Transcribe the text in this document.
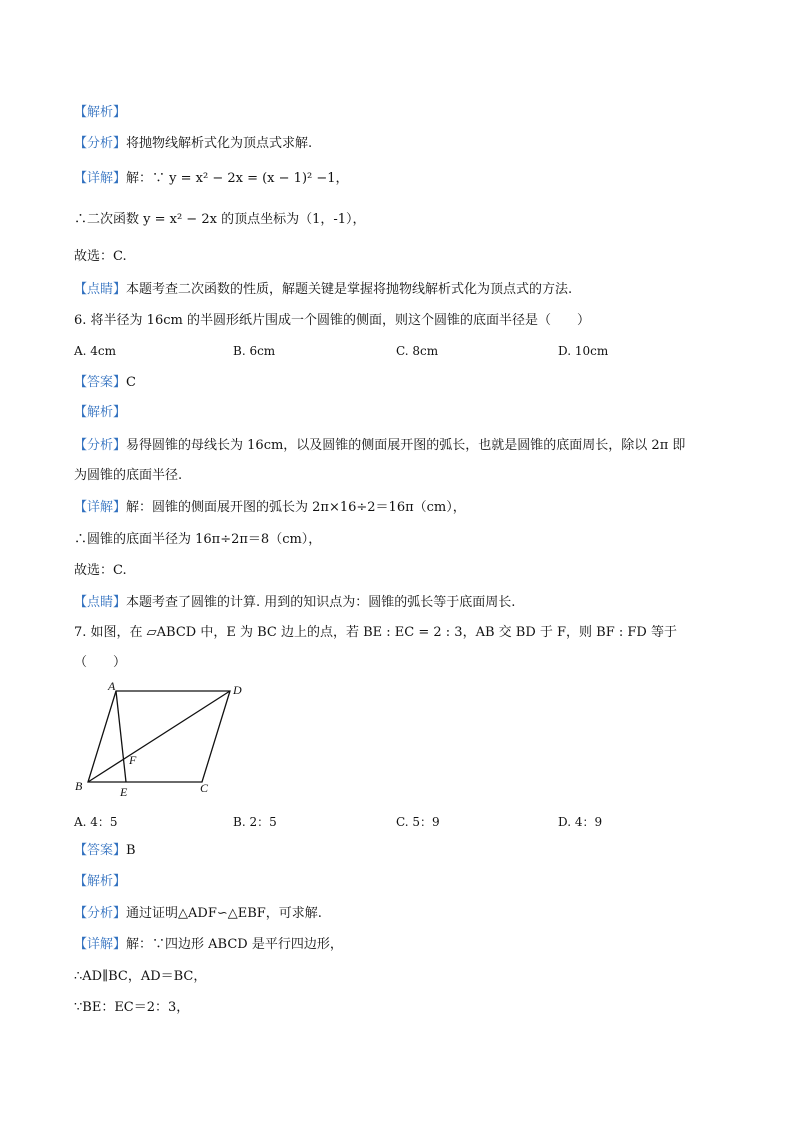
【解析】
【分析】将抛物线解析式化为顶点式求解.
【详解】解：∵ y = x² − 2x = (x − 1)² −1，
∴二次函数 y = x² − 2x 的顶点坐标为（1，-1），
故选：C.
【点睛】本题考查二次函数的性质，解题关键是掌握将抛物线解析式化为顶点式的方法.
6. 将半径为 16cm 的半圆形纸片围成一个圆锥的侧面，则这个圆锥的底面半径是（　　）
A. 4cm	B. 6cm	C. 8cm	D. 10cm
【答案】C
【解析】
【分析】易得圆锥的母线长为 16cm，以及圆锥的侧面展开图的弧长，也就是圆锥的底面周长，除以 2π 即
为圆锥的底面半径.
【详解】解：圆锥的侧面展开图的弧长为 2π×16÷2＝16π（cm），
∴圆锥的底面半径为 16π÷2π＝8（cm），
故选：C.
【点睛】本题考查了圆锥的计算. 用到的知识点为：圆锥的弧长等于底面周长.
7. 如图，在 ▱ABCD 中，E 为 BC 边上的点，若 BE : EC = 2 : 3，AB 交 BD 于 F，则 BF : FD 等于
（　　）
A	D
B	E	C
F
A. 4：5	B. 2：5	C. 5：9	D. 4：9
【答案】B
【解析】
【分析】通过证明△ADF∽△EBF，可求解.
【详解】解：∵四边形 ABCD 是平行四边形，
∴AD∥BC，AD＝BC，
∵BE：EC＝2：3，
